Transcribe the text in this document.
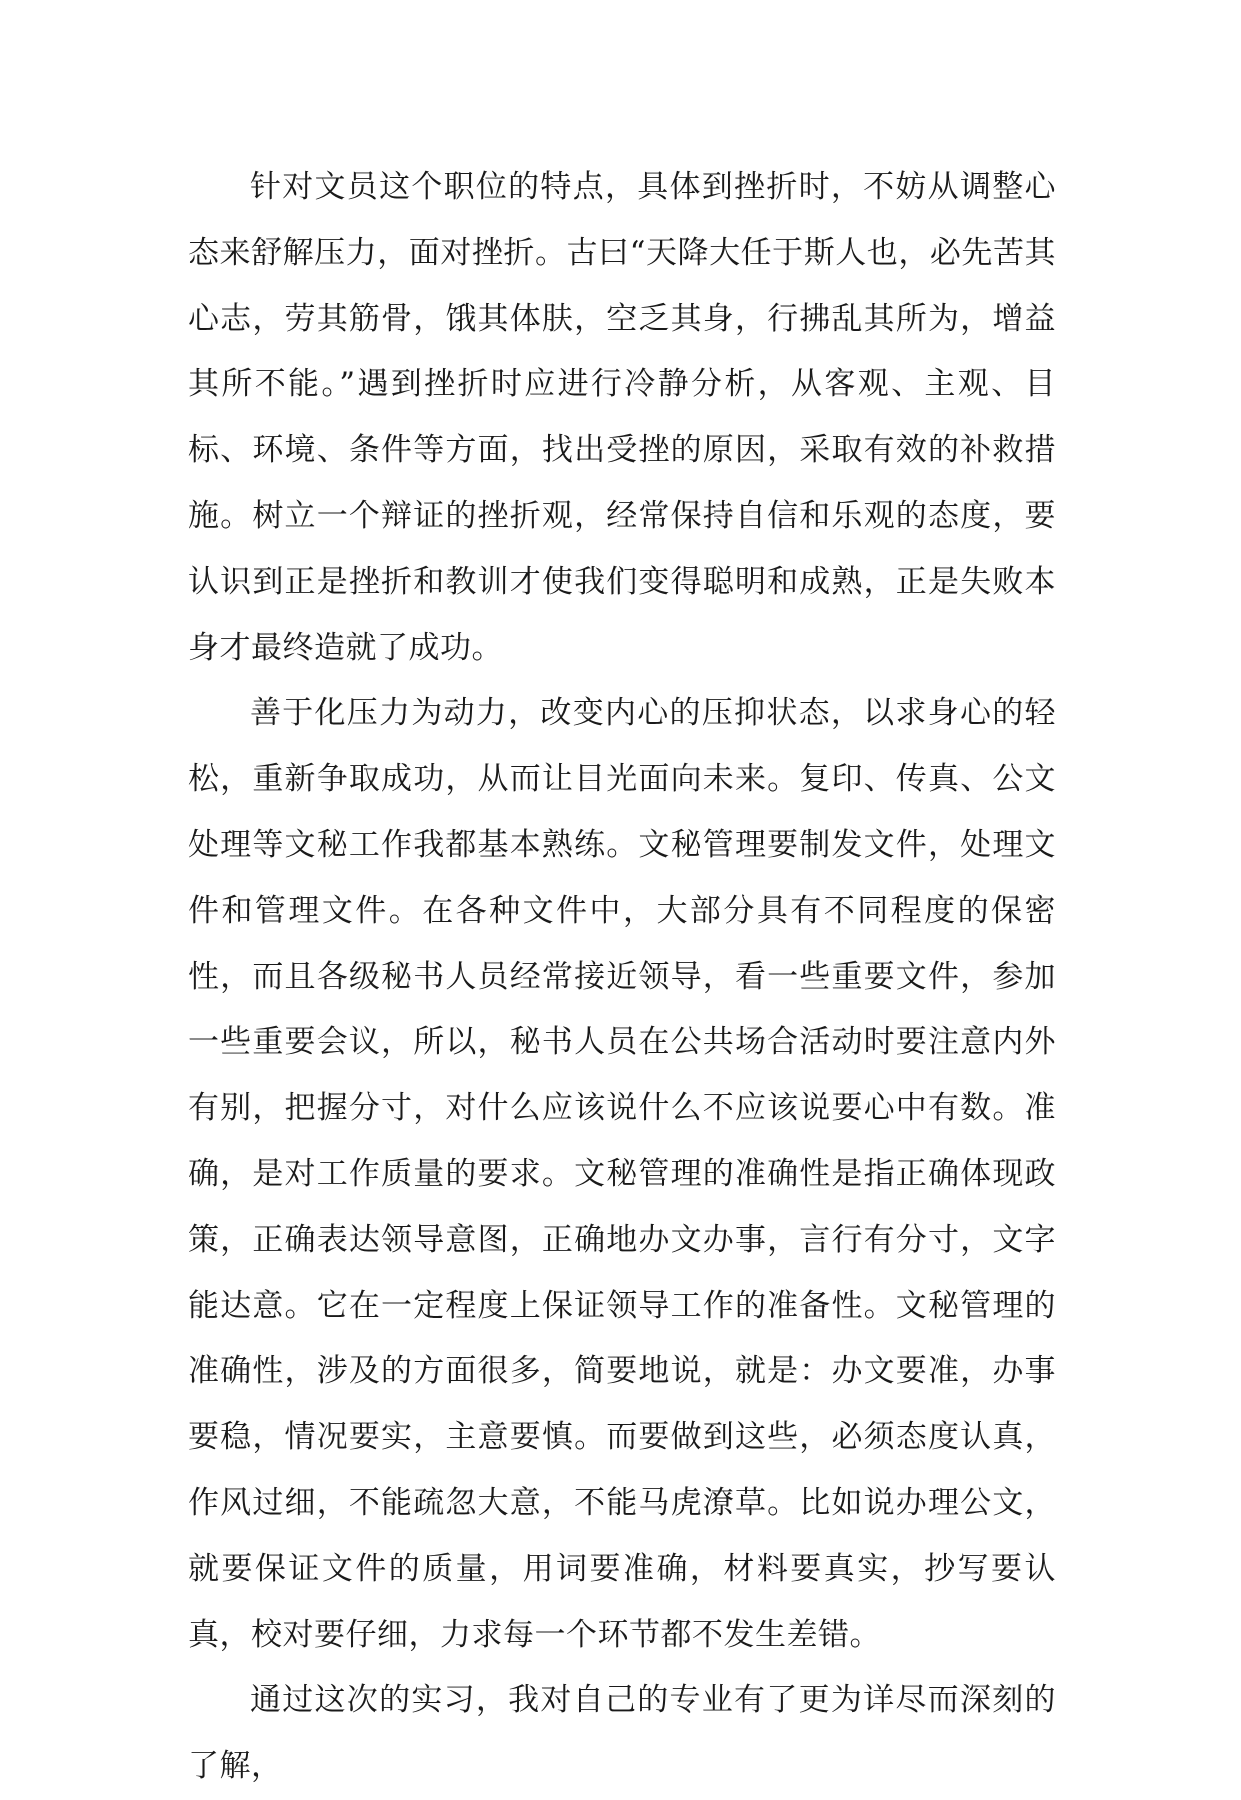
针对文员这个职位的特点，具体到挫折时，不妨从调整心态来舒解压力，面对挫折。古曰“天降大任于斯人也，必先苦其心志，劳其筋骨，饿其体肤，空乏其身，行拂乱其所为，增益其所不能。”遇到挫折时应进行冷静分析，从客观、主观、目标、环境、条件等方面，找出受挫的原因，采取有效的补救措施。树立一个辩证的挫折观，经常保持自信和乐观的态度，要认识到正是挫折和教训才使我们变得聪明和成熟，正是失败本身才最终造就了成功。

善于化压力为动力，改变内心的压抑状态，以求身心的轻松，重新争取成功，从而让目光面向未来。复印、传真、公文处理等文秘工作我都基本熟练。文秘管理要制发文件，处理文件和管理文件。在各种文件中，大部分具有不同程度的保密性，而且各级秘书人员经常接近领导，看一些重要文件，参加一些重要会议，所以，秘书人员在公共场合活动时要注意内外有别，把握分寸，对什么应该说什么不应该说要心中有数。准确，是对工作质量的要求。文秘管理的准确性是指正确体现政策，正确表达领导意图，正确地办文办事，言行有分寸，文字能达意。它在一定程度上保证领导工作的准备性。文秘管理的准确性，涉及的方面很多，简要地说，就是：办文要准，办事要稳，情况要实，主意要慎。而要做到这些，必须态度认真，作风过细，不能疏忽大意，不能马虎潦草。比如说办理公文，就要保证文件的质量，用词要准确，材料要真实，抄写要认真，校对要仔细，力求每一个环节都不发生差错。

通过这次的实习，我对自己的专业有了更为详尽而深刻的了解，
